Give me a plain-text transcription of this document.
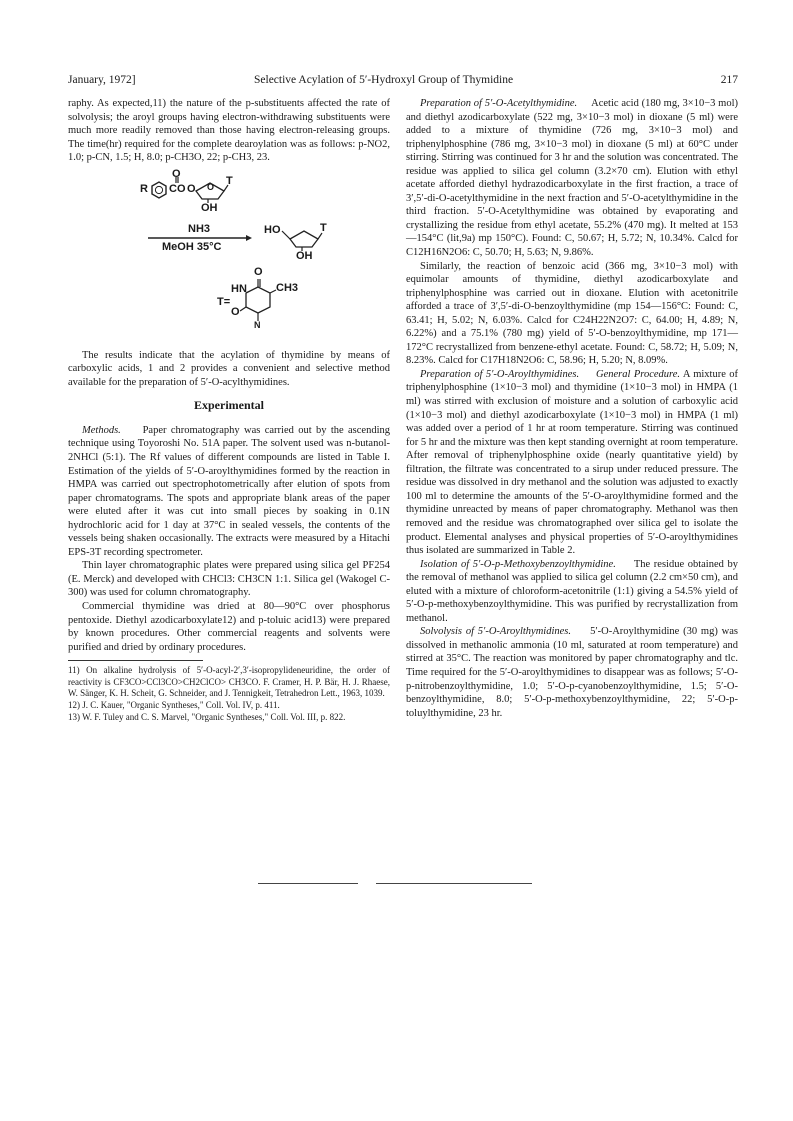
January, 1972]	Selective Acylation of 5′-Hydroxyl Group of Thymidine	217

raphy. As expected,11) the nature of the p-substituents affected the rate of solvolysis; the aroyl groups having electron-withdrawing substituents were much more readily removed than those having electron-releasing groups. The time(hr) required for the complete dearoylation was as follows: p-NO2, 1.0; p-CN, 1.5; H, 8.0; p-CH3O, 22; p-CH3, 23.

O
R CO O O T
OH
NH3
MeOH 35°C
HO	T
OH
T=
O
HN	CH3
O
N

The results indicate that the acylation of thymidine by means of carboxylic acids, 1 and 2 provides a convenient and selective method available for the preparation of 5′-O-acylthymidines.

Experimental

Methods. Paper chromatography was carried out by the ascending technique using Toyoroshi No. 51A paper. The solvent used was n-butanol-2NHCl (5:1). The Rf values of different compounds are listed in Table I. Estimation of the yields of 5′-O-aroylthymidines formed by the reaction in HMPA was carried out spectrophotometrically after elution of spots from paper chromatograms. The spots and appropriate blank areas of the paper were eluted after it was cut into small pieces by soaking in 0.1N hydrochloric acid for 1 day at 37°C in sealed vessels, the contents of the vessels being shaken occasionally. The extracts were measured by a Hitachi EPS-3T recording spectrometer.

Thin layer chromatographic plates were prepared using silica gel PF254 (E. Merck) and developed with CHCl3: CH3CN 1:1. Silica gel (Wakogel C-300) was used for column chromatography.

Commercial thymidine was dried at 80—90°C over phosphorus pentoxide. Diethyl azodicarboxylate12) and p-toluic acid13) were prepared by known procedures. Other commercial reagents and solvents were purified and dried by ordinary procedures.

11) On alkaline hydrolysis of 5′-O-acyl-2′,3′-isopropylideneuridine, the order of reactivity is CF3CO>CCl3CO>CH2ClCO> CH3CO. F. Cramer, H. P. Bär, H. J. Rhaese, W. Sänger, K. H. Scheit, G. Schneider, and J. Tennigkeit, Tetrahedron Lett., 1963, 1039.

12) J. C. Kauer, "Organic Syntheses," Coll. Vol. IV, p. 411.

13) W. F. Tuley and C. S. Marvel, "Organic Syntheses," Coll. Vol. III, p. 822.

Preparation of 5′-O-Acetylthymidine. Acetic acid (180 mg, 3×10−3 mol) and diethyl azodicarboxylate (522 mg, 3×10−3 mol) in dioxane (5 ml) were added to a mixture of thymidine (726 mg, 3×10−3 mol) and triphenylphosphine (786 mg, 3×10−3 mol) in dioxane (5 ml) at 60°C under stirring. Stirring was continued for 3 hr and the solution was concentrated. The residue was applied to silica gel column (3.2×70 cm). Elution with ethyl acetate afforded diethyl hydrazodicarboxylate in the first fraction, a trace of 3′,5′-di-O-acetylthymidine in the next fraction and 5′-O-acetylthymidine in the third fraction. 5′-O-Acetylthymidine was obtained by evaporating and crystallizing the residue from ethyl acetate, 55.2% (470 mg). It melted at 153—154°C (lit,9a) mp 150°C). Found: C, 50.67; H, 5.72; N, 10.34%. Calcd for C12H16N2O6: C, 50.70; H, 5.63; N, 9.86%.

Similarly, the reaction of benzoic acid (366 mg, 3×10−3 mol) with equimolar amounts of thymidine, diethyl azodicarboxylate and triphenylphosphine was carried out in dioxane. Elution with acetonitrile afforded a trace of 3′,5′-di-O-benzoylthymidine (mp 154—156°C: Found: C, 63.41; H, 5.02; N, 6.03%. Calcd for C24H22N2O7: C, 64.00; H, 4.89; N, 6.22%) and a 75.1% (780 mg) yield of 5′-O-benzoylthymidine, mp 171—172°C recrystallized from benzene-ethyl acetate. Found: C, 58.72; H, 5.09; N, 8.23%. Calcd for C17H18N2O6: C, 58.96; H, 5.20; N, 8.09%.

Preparation of 5′-O-Aroylthymidines. General Procedure. A mixture of triphenylphosphine (1×10−3 mol) and thymidine (1×10−3 mol) in HMPA (1 ml) was stirred with exclusion of moisture and a solution of carboxylic acid (1×10−3 mol) and diethyl azodicarboxylate (1×10−3 mol) in HMPA (1 ml) was added over a period of 1 hr at room temperature. Stirring was continued for 5 hr and the mixture was then kept standing overnight at room temperature. After removal of triphenylphosphine oxide (nearly quantitative yield) by filtration, the filtrate was concentrated to a sirup under reduced pressure. The residue was dissolved in dry methanol and the solution was adjusted to exactly 100 ml to determine the amounts of the 5′-O-aroylthymidine formed and the thymidine unreacted by means of paper chromatography. Methanol was then removed and the residue was chromatographed over silica gel to isolate the product. Elemental analyses and physical properties of 5′-O-aroylthymidines thus isolated are summarized in Table 2.

Isolation of 5′-O-p-Methoxybenzoylthymidine. The residue obtained by the removal of methanol was applied to silica gel column (2.2 cm×50 cm), and eluted with a mixture of chloroform-acetonitrile (1:1) giving a 54.5% yield of 5′-O-p-methoxybenzoylthymidine. This was purified by recrystallization from methanol.

Solvolysis of 5′-O-Aroylthymidines. 5′-O-Aroylthymidine (30 mg) was dissolved in methanolic ammonia (10 ml, saturated at room temperature) and stirred at 35°C. The reaction was monitored by paper chromatography and tlc. Time required for the 5′-O-aroylthymidines to disappear was as follows; 5′-O-p-nitrobenzoylthymidine, 1.0; 5′-O-p-cyanobenzoylthymidine, 1.5; 5′-O-benzoylthymidine, 8.0; 5′-O-p-methoxybenzoylthymidine, 22; 5′-O-p-toluylthymidine, 23 hr.
